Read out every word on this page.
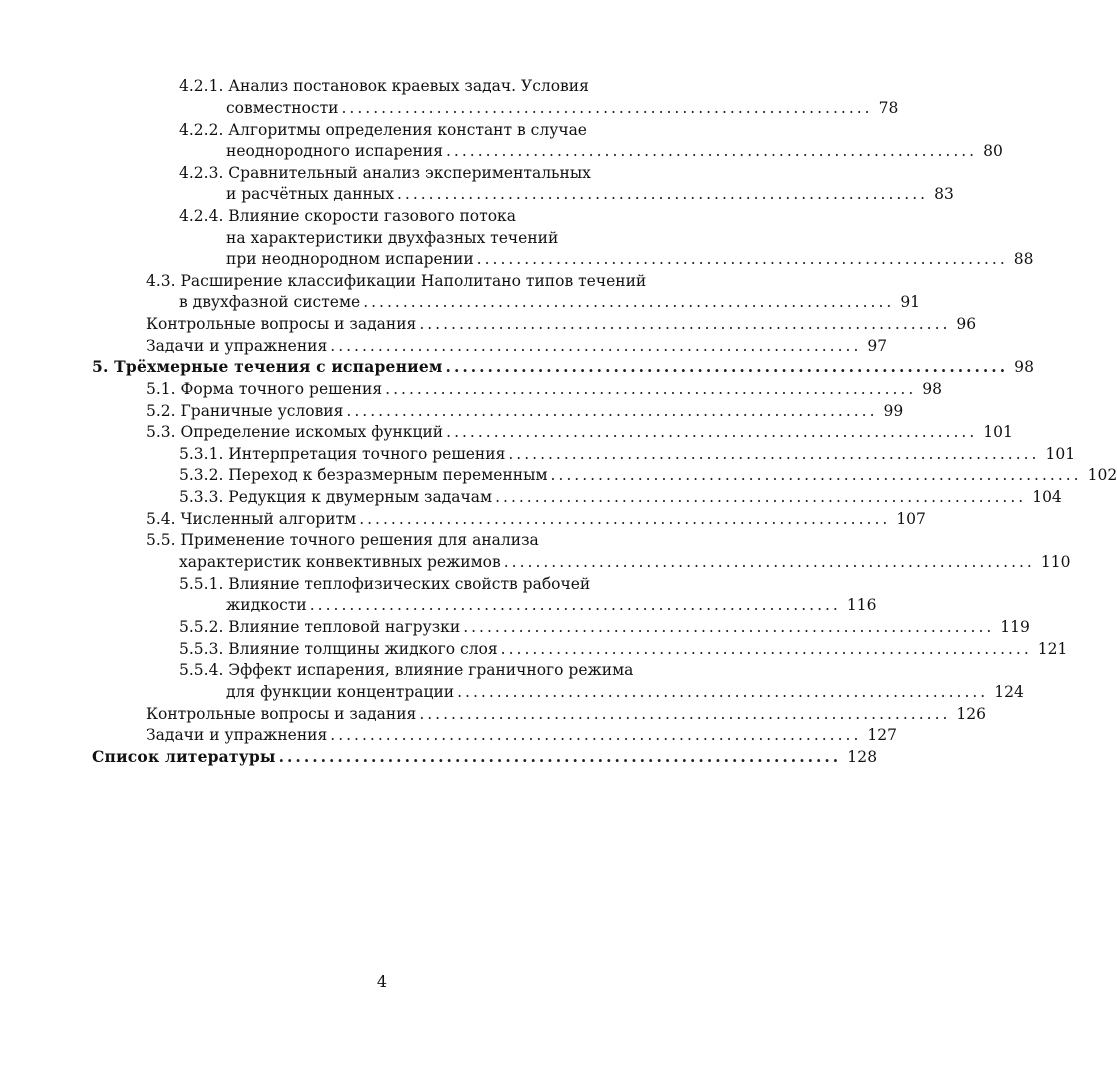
4.2.1. Анализ постановок краевых задач. Условия
совместности ................................................................... 78
4.2.2. Алгоритмы определения констант в случае
неоднородного испарения ................................................................... 80
4.2.3. Сравнительный анализ экспериментальных
и расчётных данных ................................................................... 83
4.2.4. Влияние скорости газового потока
на характеристики двухфазных течений
при неоднородном испарении ................................................................... 88
4.3. Расширение классификации Наполитано типов течений
в двухфазной системе ................................................................... 91
Контрольные вопросы и задания ................................................................... 96
Задачи и упражнения ................................................................... 97
5. Трёхмерные течения с испарением ................................................................... 98
5.1. Форма точного решения ................................................................... 98
5.2. Граничные условия ................................................................... 99
5.3. Определение искомых функций ................................................................... 101
5.3.1. Интерпретация точного решения ................................................................... 101
5.3.2. Переход к безразмерным переменным ................................................................... 102
5.3.3. Редукция к двумерным задачам ................................................................... 104
5.4. Численный алгоритм ................................................................... 107
5.5. Применение точного решения для анализа
характеристик конвективных режимов ................................................................... 110
5.5.1. Влияние теплофизических свойств рабочей
жидкости ................................................................... 116
5.5.2. Влияние тепловой нагрузки ................................................................... 119
5.5.3. Влияние толщины жидкого слоя ................................................................... 121
5.5.4. Эффект испарения, влияние граничного режима
для функции концентрации ................................................................... 124
Контрольные вопросы и задания ................................................................... 126
Задачи и упражнения ................................................................... 127
Список литературы ................................................................... 128
4
